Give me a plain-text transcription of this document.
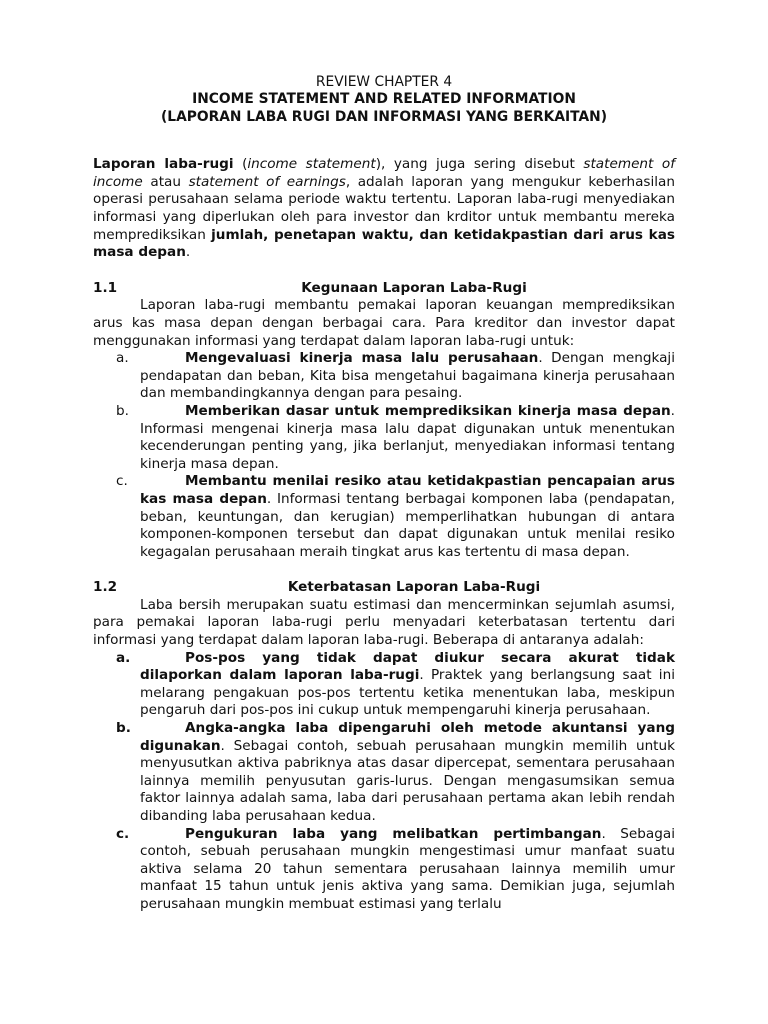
REVIEW CHAPTER 4
INCOME STATEMENT AND RELATED INFORMATION
(LAPORAN LABA RUGI DAN INFORMASI YANG BERKAITAN)

Laporan laba-rugi (income statement), yang juga sering disebut statement of income atau statement of earnings, adalah laporan yang mengukur keberhasilan operasi perusahaan selama periode waktu tertentu. Laporan laba-rugi menyediakan informasi yang diperlukan oleh para investor dan krditor untuk membantu mereka memprediksikan jumlah, penetapan waktu, dan ketidakpastian dari arus kas masa depan.

1.1	Kegunaan Laporan Laba-Rugi

Laporan laba-rugi membantu pemakai laporan keuangan memprediksikan arus kas masa depan dengan berbagai cara. Para kreditor dan investor dapat menggunakan informasi yang terdapat dalam laporan laba-rugi untuk:

a.	Mengevaluasi kinerja masa lalu perusahaan. Dengan mengkaji pendapatan dan beban, Kita bisa mengetahui bagaimana kinerja perusahaan dan membandingkannya dengan para pesaing.

b.	Memberikan dasar untuk memprediksikan kinerja masa depan. Informasi mengenai kinerja masa lalu dapat digunakan untuk menentukan kecenderungan penting yang, jika berlanjut, menyediakan informasi tentang kinerja masa depan.

c.	Membantu menilai resiko atau ketidakpastian pencapaian arus kas masa depan. Informasi tentang berbagai komponen laba (pendapatan, beban, keuntungan, dan kerugian) memperlihatkan hubungan di antara komponen-komponen tersebut dan dapat digunakan untuk menilai resiko kegagalan perusahaan meraih tingkat arus kas tertentu di masa depan.

1.2	Keterbatasan Laporan Laba-Rugi

Laba bersih merupakan suatu estimasi dan mencerminkan sejumlah asumsi, para pemakai laporan laba-rugi perlu menyadari keterbatasan tertentu dari informasi yang terdapat dalam laporan laba-rugi. Beberapa di antaranya adalah:

a.	Pos-pos yang tidak dapat diukur secara akurat tidak dilaporkan dalam laporan laba-rugi. Praktek yang berlangsung saat ini melarang pengakuan pos-pos tertentu ketika menentukan laba, meskipun pengaruh dari pos-pos ini cukup untuk mempengaruhi kinerja perusahaan.

b.	Angka-angka laba dipengaruhi oleh metode akuntansi yang digunakan. Sebagai contoh, sebuah perusahaan mungkin memilih untuk menyusutkan aktiva pabriknya atas dasar dipercepat, sementara perusahaan lainnya memilih penyusutan garis-lurus. Dengan mengasumsikan semua faktor lainnya adalah sama, laba dari perusahaan pertama akan lebih rendah dibanding laba perusahaan kedua.

c.	Pengukuran laba yang melibatkan pertimbangan. Sebagai contoh, sebuah perusahaan mungkin mengestimasi umur manfaat suatu aktiva selama 20 tahun sementara perusahaan lainnya memilih umur manfaat 15 tahun untuk jenis aktiva yang sama. Demikian juga, sejumlah perusahaan mungkin membuat estimasi yang terlalu
